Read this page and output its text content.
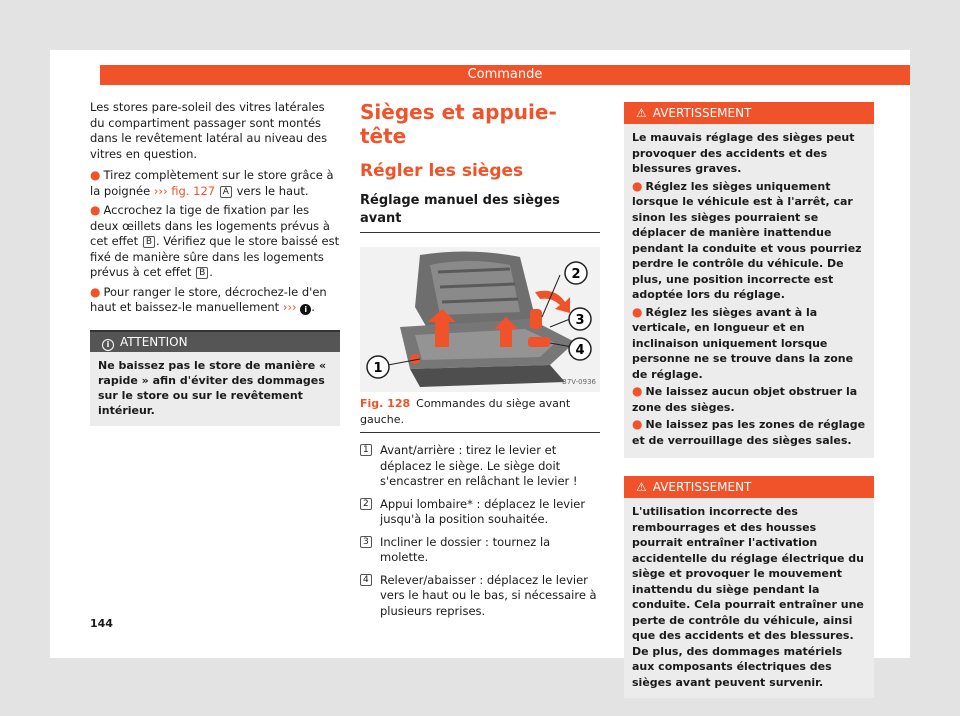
Commande

Les stores pare-soleil des vitres latérales du compartiment passager sont montés dans le revêtement latéral au niveau des vitres en question.

● Tirez complètement sur le store grâce à la poignée ››› fig. 127 A vers le haut.

● Accrochez la tige de fixation par les deux œillets dans les logements prévus à cet effet B . Vérifiez que le store baissé est fixé de manière sûre dans les logements prévus à cet effet B .

● Pour ranger le store, décrochez-le d'en haut et baissez-le manuellement ››› i .

i ATTENTION
Ne baissez pas le store de manière « rapide » afin d'éviter des dommages sur le store ou sur le revêtement intérieur.
Sièges et appuie-tête
Régler les sièges
Réglage manuel des sièges avant
1
2
3
4
B7V-0936
Fig. 128 Commandes du siège avant gauche.
1 Avant/arrière : tirez le levier et déplacez le siège. Le siège doit s'encastrer en relâchant le levier !
2 Appui lombaire* : déplacez le levier jusqu'à la position souhaitée.
3 Incliner le dossier : tournez la molette.
4 Relever/abaisser : déplacez le levier vers le haut ou le bas, si nécessaire à plusieurs reprises.
⚠ AVERTISSEMENT

Le mauvais réglage des sièges peut provoquer des accidents et des blessures graves.

● Réglez les sièges uniquement lorsque le véhicule est à l'arrêt, car sinon les sièges pourraient se déplacer de manière inattendue pendant la conduite et vous pourriez perdre le contrôle du véhicule. De plus, une position incorrecte est adoptée lors du réglage.

● Réglez les sièges avant à la verticale, en longueur et en inclinaison uniquement lorsque personne ne se trouve dans la zone de réglage.

● Ne laissez aucun objet obstruer la zone des sièges.

● Ne laissez pas les zones de réglage et de verrouillage des sièges sales.

⚠ AVERTISSEMENT
L'utilisation incorrecte des rembourrages et des housses pourrait entraîner l'activation accidentelle du réglage électrique du siège et provoquer le mouvement inattendu du siège pendant la conduite. Cela pourrait entraîner une perte de contrôle du véhicule, ainsi que des accidents et des blessures. De plus, des dommages matériels aux composants électriques des sièges avant peuvent survenir.
144
